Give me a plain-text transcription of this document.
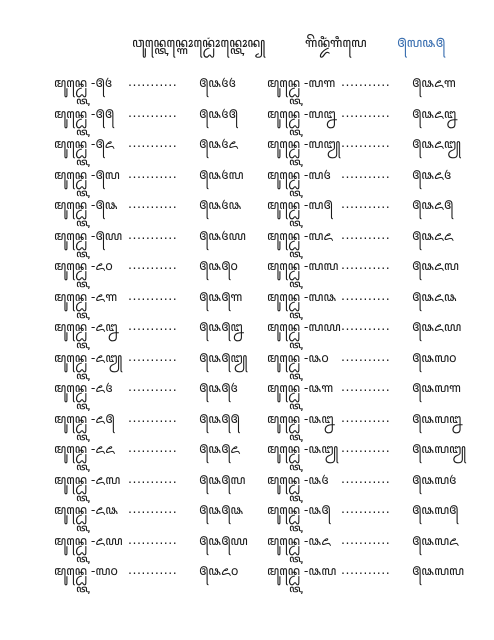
ꦮꦸꦤ꧀ꦠꦺꦤ꧀ꦒꦺꦴꦤ꧀ꦝꦺꦴꦁꦤ꧀ꦠꦺꦴꦤ꧀	ꦒꦼꦤ꧀ꦢꦶꦁꦒꦶꦭꦺ ꧕꧗꧘꧕
ꦩꦸꦤ꧀ꦝ꧀ꦠꦺ -꧕꧔ ........... ꧕꧘꧔꧔
ꦩꦸꦤ꧀ꦝ꧀ꦠꦺ -꧕꧕ ........... ꧕꧘꧔꧕
ꦩꦸꦤ꧀ꦝ꧀ꦠꦺ -꧕꧖ ........... ꧕꧘꧔꧖
ꦩꦸꦤ꧀ꦝ꧀ꦠꦺ -꧕꧗ ........... ꧕꧘꧔꧗
ꦩꦸꦤ꧀ꦝ꧀ꦠꦺ -꧕꧘ ........... ꧕꧘꧔꧘
ꦩꦸꦤ꧀ꦝ꧀ꦠꦺ -꧕꧙ ........... ꧕꧘꧔꧙
ꦩꦸꦤ꧀ꦝ꧀ꦠꦺ -꧖꧐ ........... ꧕꧘꧕꧐
ꦩꦸꦤ꧀ꦝ꧀ꦠꦺ -꧖꧑ ........... ꧕꧘꧕꧑
ꦩꦸꦤ꧀ꦝ꧀ꦠꦺ -꧖꧒ ........... ꧕꧘꧕꧒
ꦩꦸꦤ꧀ꦝ꧀ꦠꦺ -꧖꧓ ........... ꧕꧘꧕꧓
ꦩꦸꦤ꧀ꦝ꧀ꦠꦺ -꧖꧔ ........... ꧕꧘꧕꧔
ꦩꦸꦤ꧀ꦝ꧀ꦠꦺ -꧖꧕ ........... ꧕꧘꧕꧕
ꦩꦸꦤ꧀ꦝ꧀ꦠꦺ -꧖꧖ ........... ꧕꧘꧕꧖
ꦩꦸꦤ꧀ꦝ꧀ꦠꦺ -꧖꧗ ........... ꧕꧘꧕꧗
ꦩꦸꦤ꧀ꦝ꧀ꦠꦺ -꧖꧘ ........... ꧕꧘꧕꧘
ꦩꦸꦤ꧀ꦝ꧀ꦠꦺ -꧖꧙ ........... ꧕꧘꧕꧙
ꦩꦸꦤ꧀ꦝ꧀ꦠꦺ -꧗꧐ ........... ꧕꧘꧖꧐
ꦩꦸꦤ꧀ꦝ꧀ꦠꦺ -꧗꧑ ........... ꧕꧘꧖꧑
ꦩꦸꦤ꧀ꦝ꧀ꦠꦺ -꧗꧒ ........... ꧕꧘꧖꧒
ꦩꦸꦤ꧀ꦝ꧀ꦠꦺ -꧗꧓ ........... ꧕꧘꧖꧓
ꦩꦸꦤ꧀ꦝ꧀ꦠꦺ -꧗꧔ ........... ꧕꧘꧖꧔
ꦩꦸꦤ꧀ꦝ꧀ꦠꦺ -꧗꧕ ........... ꧕꧘꧖꧕
ꦩꦸꦤ꧀ꦝ꧀ꦠꦺ -꧗꧖ ........... ꧕꧘꧖꧖
ꦩꦸꦤ꧀ꦝ꧀ꦠꦺ -꧗꧗ ........... ꧕꧘꧖꧗
ꦩꦸꦤ꧀ꦝ꧀ꦠꦺ -꧗꧘ ........... ꧕꧘꧖꧘
ꦩꦸꦤ꧀ꦝ꧀ꦠꦺ -꧗꧙ ........... ꧕꧘꧖꧙
ꦩꦸꦤ꧀ꦝ꧀ꦠꦺ -꧘꧐ ........... ꧕꧘꧗꧐
ꦩꦸꦤ꧀ꦝ꧀ꦠꦺ -꧘꧑ ........... ꧕꧘꧗꧑
ꦩꦸꦤ꧀ꦝ꧀ꦠꦺ -꧘꧒ ........... ꧕꧘꧗꧒
ꦩꦸꦤ꧀ꦝ꧀ꦠꦺ -꧘꧓ ........... ꧕꧘꧗꧓
ꦩꦸꦤ꧀ꦝ꧀ꦠꦺ -꧘꧔ ........... ꧕꧘꧗꧔
ꦩꦸꦤ꧀ꦝ꧀ꦠꦺ -꧘꧕ ........... ꧕꧘꧗꧕
ꦩꦸꦤ꧀ꦝ꧀ꦠꦺ -꧘꧖ ........... ꧕꧘꧗꧖
ꦩꦸꦤ꧀ꦝ꧀ꦠꦺ -꧘꧗ ........... ꧕꧘꧗꧗
